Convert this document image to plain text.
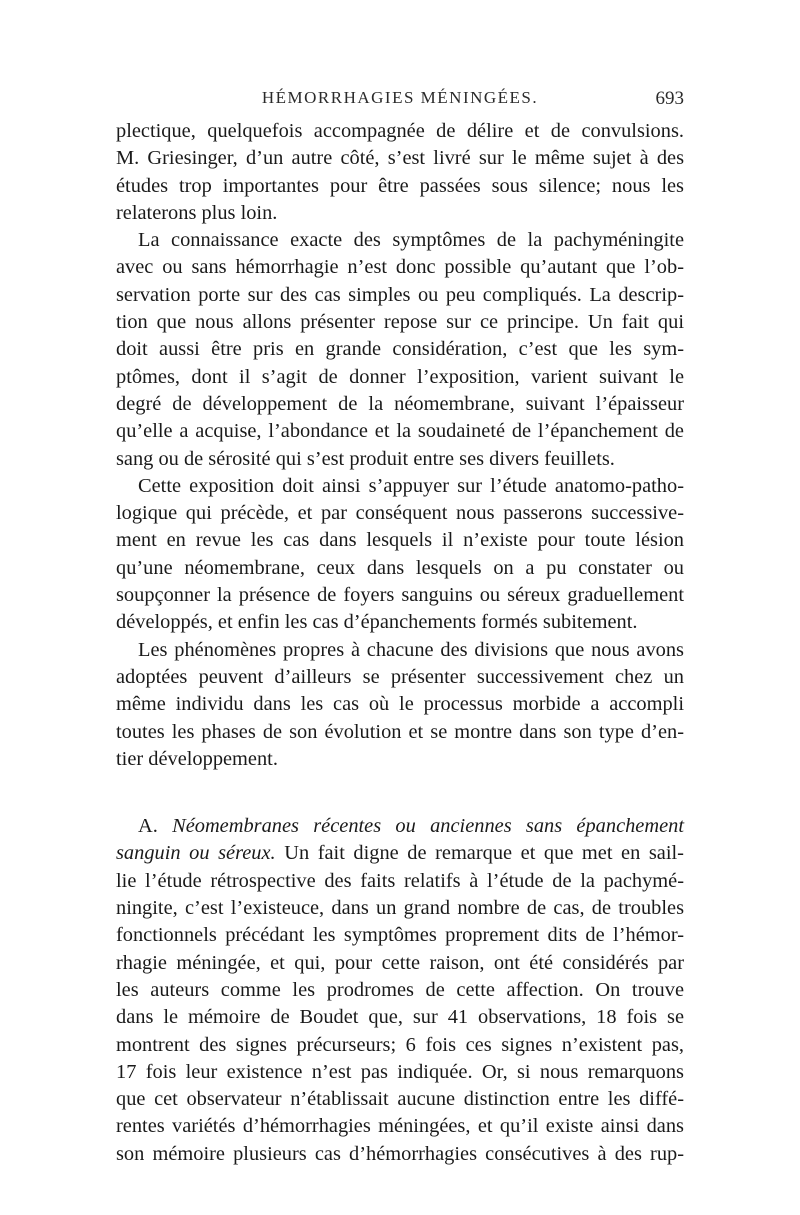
HÉMORRHAGIES MÉNINGÉES.	693
plectique, quelquefois accompagnée de délire et de convulsions.
M. Griesinger, d’un autre côté, s’est livré sur le même sujet à des
études trop importantes pour être passées sous silence; nous les
relaterons plus loin.
La connaissance exacte des symptômes de la pachyméningite
avec ou sans hémorrhagie n’est donc possible qu’autant que l’ob-
servation porte sur des cas simples ou peu compliqués. La descrip-
tion que nous allons présenter repose sur ce principe. Un fait qui
doit aussi être pris en grande considération, c’est que les sym-
ptômes, dont il s’agit de donner l’exposition, varient suivant le
degré de développement de la néomembrane, suivant l’épaisseur
qu’elle a acquise, l’abondance et la soudaineté de l’épanchement de
sang ou de sérosité qui s’est produit entre ses divers feuillets.
Cette exposition doit ainsi s’appuyer sur l’étude anatomo-patho-
logique qui précède, et par conséquent nous passerons successive-
ment en revue les cas dans lesquels il n’existe pour toute lésion
qu’une néomembrane, ceux dans lesquels on a pu constater ou
soupçonner la présence de foyers sanguins ou séreux graduellement
développés, et enfin les cas d’épanchements formés subitement.
Les phénomènes propres à chacune des divisions que nous avons
adoptées peuvent d’ailleurs se présenter successivement chez un
même individu dans les cas où le processus morbide a accompli
toutes les phases de son évolution et se montre dans son type d’en-
tier développement.
A. Néomembranes récentes ou anciennes sans épanchement
sanguin ou séreux. Un fait digne de remarque et que met en sail-
lie l’étude rétrospective des faits relatifs à l’étude de la pachymé-
ningite, c’est l’existeuce, dans un grand nombre de cas, de troubles
fonctionnels précédant les symptômes proprement dits de l’hémor-
rhagie méningée, et qui, pour cette raison, ont été considérés par
les auteurs comme les prodromes de cette affection. On trouve
dans le mémoire de Boudet que, sur 41 observations, 18 fois se
montrent des signes précurseurs; 6 fois ces signes n’existent pas,
17 fois leur existence n’est pas indiquée. Or, si nous remarquons
que cet observateur n’établissait aucune distinction entre les diffé-
rentes variétés d’hémorrhagies méningées, et qu’il existe ainsi dans
son mémoire plusieurs cas d’hémorrhagies consécutives à des rup-
